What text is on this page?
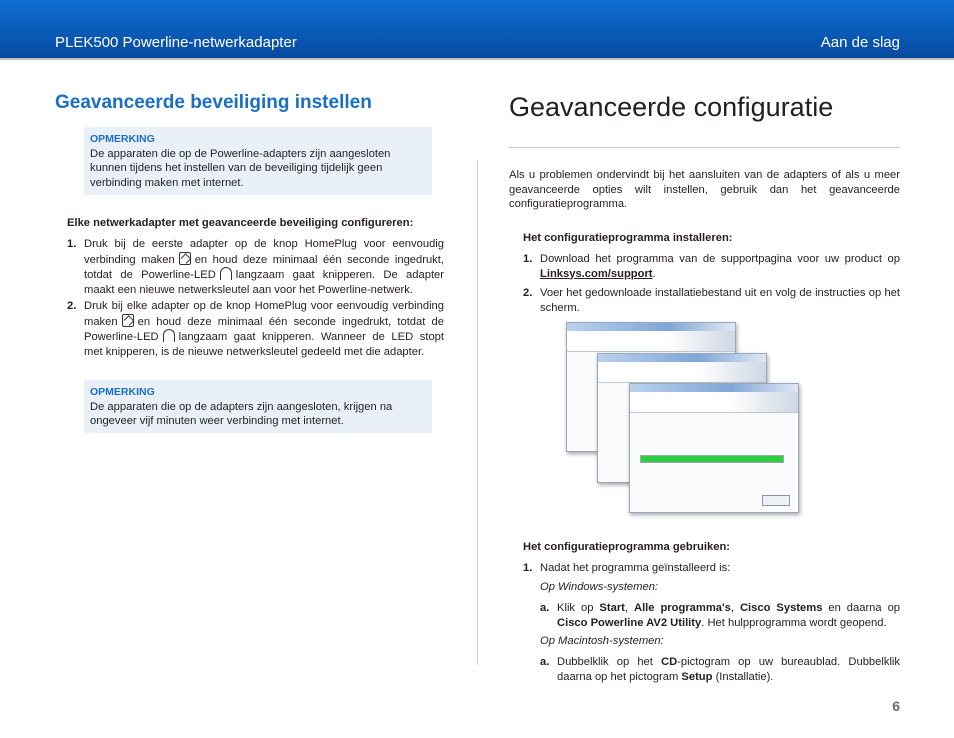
PLEK500 Powerline-netwerkadapter	Aan de slag
Geavanceerde beveiliging instellen
OPMERKING
De apparaten die op de Powerline-adapters zijn aangesloten kunnen tijdens het instellen van de beveiliging tijdelijk geen verbinding maken met internet.
Elke netwerkadapter met geavanceerde beveiliging configureren:
1. Druk bij de eerste adapter op de knop HomePlug voor eenvoudig verbinding maken en houd deze minimaal één seconde ingedrukt, totdat de Powerline-LED langzaam gaat knipperen. De adapter maakt een nieuwe netwerksleutel aan voor het Powerline-netwerk.
2. Druk bij elke adapter op de knop HomePlug voor eenvoudig verbinding maken en houd deze minimaal één seconde ingedrukt, totdat de Powerline-LED langzaam gaat knipperen. Wanneer de LED stopt met knipperen, is de nieuwe netwerksleutel gedeeld met die adapter.
OPMERKING
De apparaten die op de adapters zijn aangesloten, krijgen na ongeveer vijf minuten weer verbinding met internet.
Geavanceerde configuratie
Als u problemen ondervindt bij het aansluiten van de adapters of als u meer geavanceerde opties wilt instellen, gebruik dan het geavanceerde configuratieprogramma.
Het configuratieprogramma installeren:
1. Download het programma van de supportpagina voor uw product op Linksys.com/support.
2. Voer het gedownloade installatiebestand uit en volg de instructies op het scherm.
Het configuratieprogramma gebruiken:
1. Nadat het programma geïnstalleerd is:
Op Windows-systemen:
a. Klik op Start, Alle programma's, Cisco Systems en daarna op Cisco Powerline AV2 Utility. Het hulpprogramma wordt geopend.
Op Macintosh-systemen:
a. Dubbelklik op het CD-pictogram op uw bureaublad. Dubbelklik daarna op het pictogram Setup (Installatie).
6
